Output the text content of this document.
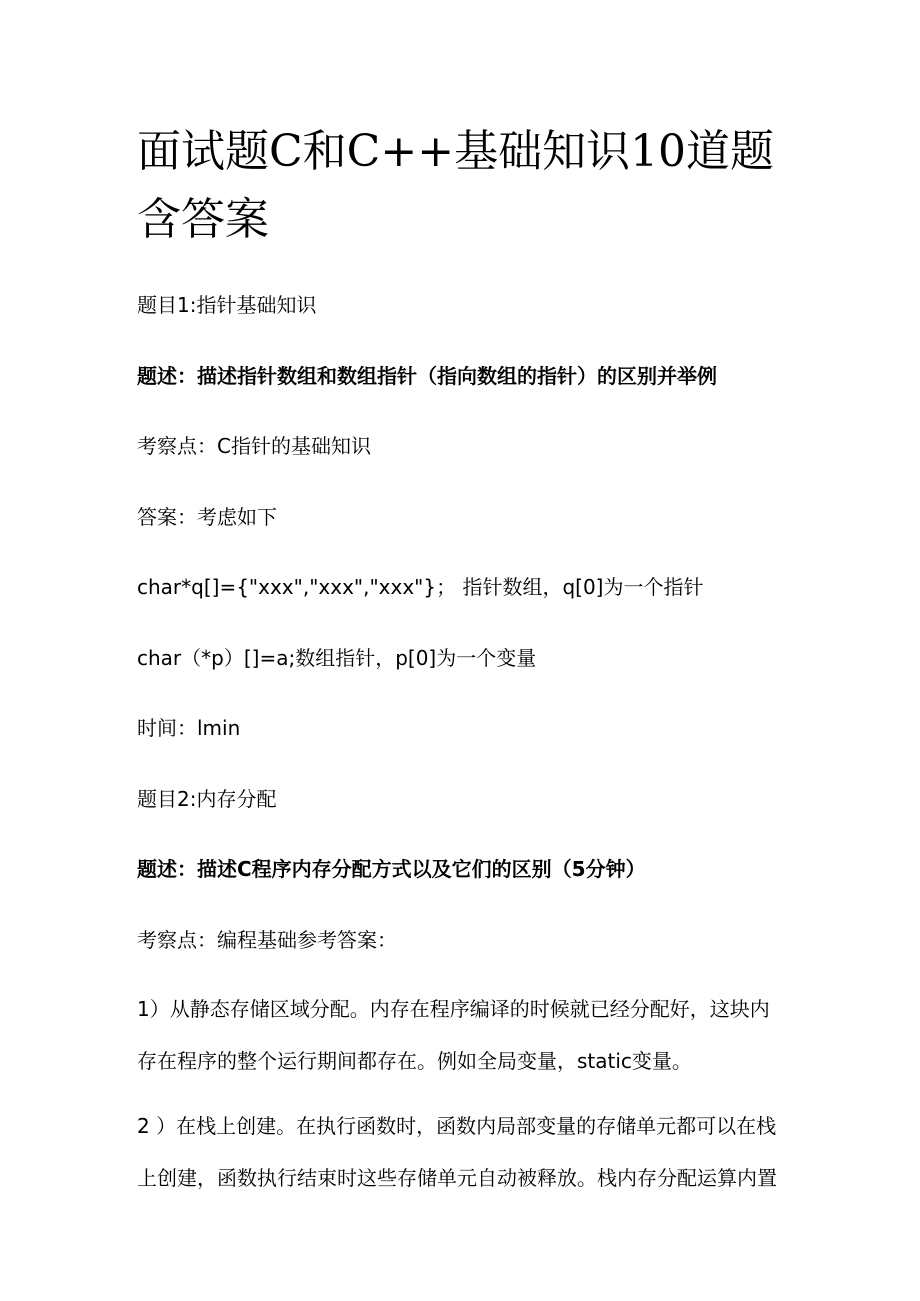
面试题C和C++基础知识10道题含答案
题目1:指针基础知识
题述：描述指针数组和数组指针（指向数组的指针）的区别并举例
考察点：C指针的基础知识
答案：考虑如下
char*q[]={"xxx","xxx","xxx"}； 指针数组，q[0]为一个指针
char（*p）[]=a;数组指针，p[0]为一个变量
时间：lmin
题目2:内存分配
题述：描述C程序内存分配方式以及它们的区别（5分钟）
考察点：编程基础参考答案：
1）从静态存储区域分配。内存在程序编译的时候就已经分配好，这块内存在程序的整个运行期间都存在。例如全局变量，static变量。
2 ）在栈上创建。在执行函数时，函数内局部变量的存储单元都可以在栈上创建，函数执行结束时这些存储单元自动被释放。栈内存分配运算内置
